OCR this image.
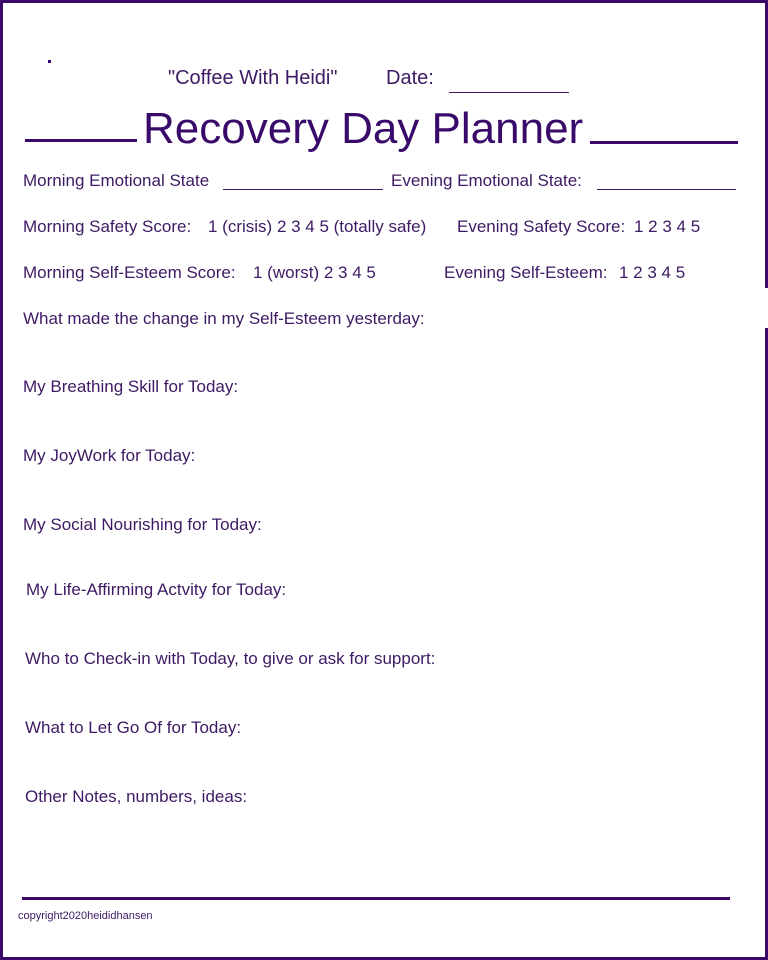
"Coffee With Heidi" Date:
Recovery Day Planner
Morning Emotional State	Evening Emotional State:
Morning Safety Score: 1 (crisis) 2 3 4 5 (totally safe) Evening Safety Score: 1 2 3 4 5
Morning Self-Esteem Score: 1 (worst) 2 3 4 5	Evening Self-Esteem: 1 2 3 4 5
What made the change in my Self-Esteem yesterday:
My Breathing Skill for Today:
My JoyWork for Today:
My Social Nourishing for Today:
My Life-Affirming Actvity for Today:
Who to Check-in with Today, to give or ask for support:
What to Let Go Of for Today:
Other Notes, numbers, ideas:
copyright2020heididhansen
